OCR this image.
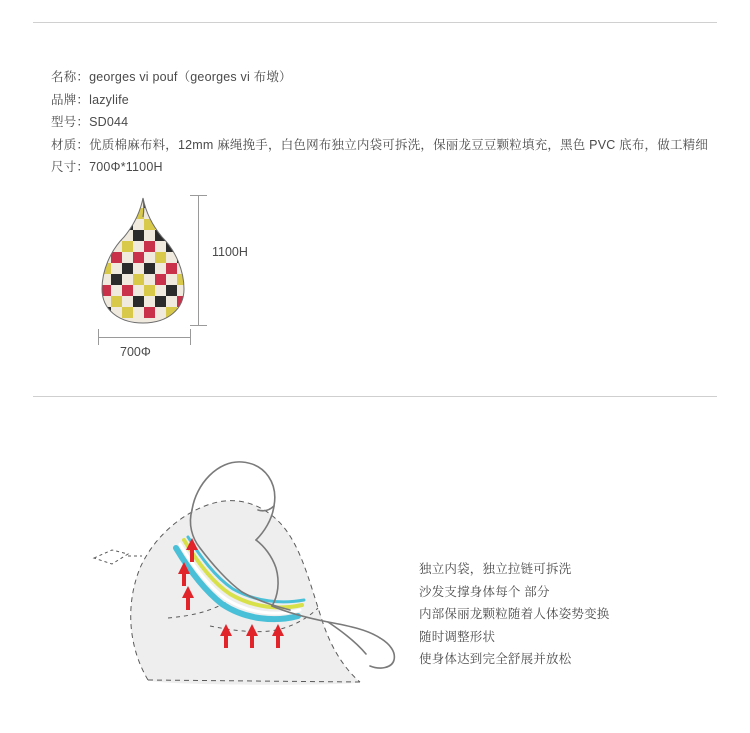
名称：georges vi pouf（georges vi 布墩）
品牌：lazylife
型号：SD044
材质：优质棉麻布料，12mm 麻绳挽手，白色网布独立内袋可拆洗，保丽龙豆豆颗粒填充，黑色 PVC 底布，做工精细
尺寸：700Φ*1100H
1100H
700Φ
独立内袋，独立拉链可拆洗
沙发支撑身体每个 部分
内部保丽龙颗粒随着人体姿势变换
随时调整形状
使身体达到完全舒展并放松
